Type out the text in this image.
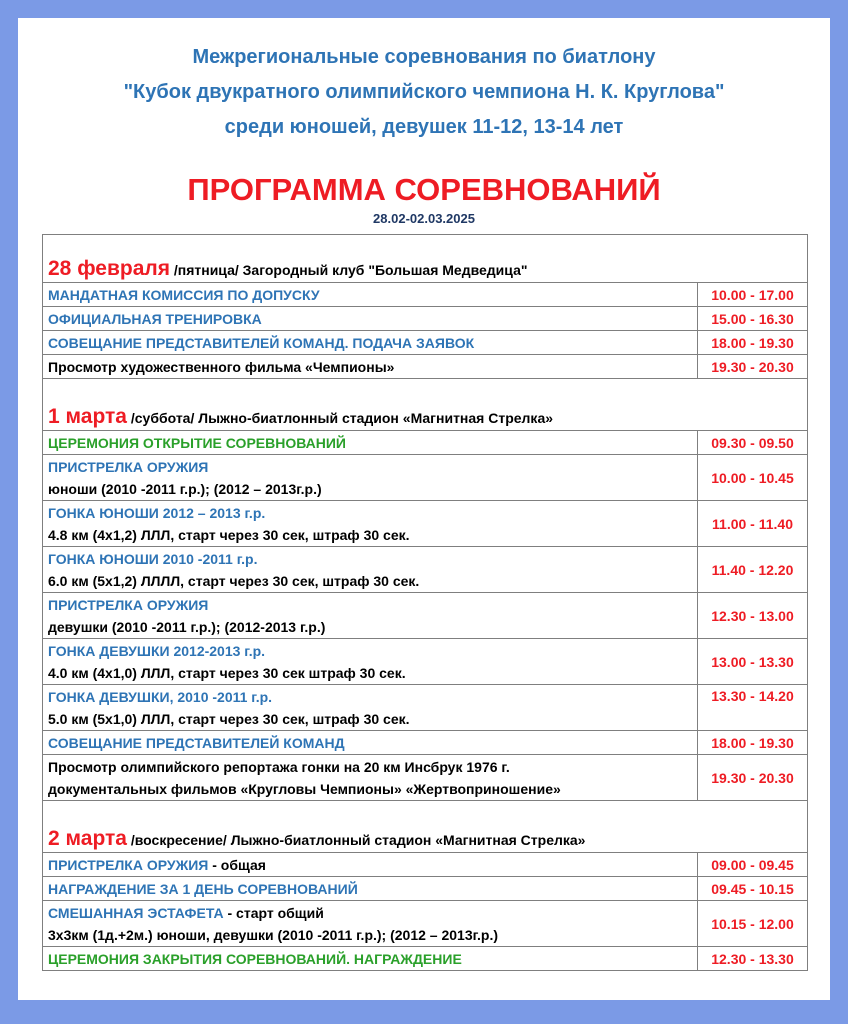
Межрегиональные соревнования по биатлону
"Кубок двукратного олимпийского чемпиона Н. К. Круглова"
среди юношей, девушек 11-12, 13-14 лет
ПРОГРАММА СОРЕВНОВАНИЙ
28.02-02.03.2025
28 февраля /пятница/ Загородный клуб "Большая Медведица"	

МАНДАТНАЯ КОМИССИЯ ПО ДОПУСКУ	10.00 - 17.00

ОФИЦИАЛЬНАЯ ТРЕНИРОВКА	15.00 - 16.30

СОВЕЩАНИЕ ПРЕДСТАВИТЕЛЕЙ КОМАНД. ПОДАЧА ЗАЯВОК	18.00 - 19.30

Просмотр художественного фильма «Чемпионы»	19.30 - 20.30
1 марта /суббота/ Лыжно-биатлонный стадион «Магнитная Стрелка»	

ЦЕРЕМОНИЯ ОТКРЫТИЕ СОРЕВНОВАНИЙ	09.30 - 09.50

ПРИСТРЕЛКА ОРУЖИЯ
юноши (2010 -2011 г.р.); (2012 – 2013г.р.)	10.00 - 10.45

ГОНКА ЮНОШИ 2012 – 2013 г.р.
4.8 км (4х1,2) ЛЛЛ, старт через 30 сек, штраф 30 сек.	11.00 - 11.40

ГОНКА ЮНОШИ 2010 -2011 г.р.
6.0 км (5х1,2) ЛЛЛЛ, старт через 30 сек, штраф 30 сек.	11.40 - 12.20

ПРИСТРЕЛКА ОРУЖИЯ
девушки (2010 -2011 г.р.); (2012-2013 г.р.)	12.30 - 13.00

ГОНКА ДЕВУШКИ 2012-2013 г.р.
4.0 км (4х1,0) ЛЛЛ, старт через 30 сек штраф 30 сек.	13.00 - 13.30

ГОНКА ДЕВУШКИ, 2010 -2011 г.р.
5.0 км (5х1,0) ЛЛЛ, старт через 30 сек, штраф 30 сек.	13.30 - 14.20

СОВЕЩАНИЕ ПРЕДСТАВИТЕЛЕЙ КОМАНД	18.00 - 19.30

Просмотр олимпийского репортажа гонки на 20 км Инсбрук 1976 г.
документальных фильмов «Кругловы Чемпионы» «Жертвоприношение»	19.30 - 20.30
2 марта /воскресение/ Лыжно-биатлонный стадион «Магнитная Стрелка»	

ПРИСТРЕЛКА ОРУЖИЯ - общая	09.00 - 09.45

НАГРАЖДЕНИЕ ЗА 1 ДЕНЬ СОРЕВНОВАНИЙ	09.45 - 10.15

СМЕШАННАЯ ЭСТАФЕТА - старт общий
3х3км (1д.+2м.) юноши, девушки (2010 -2011 г.р.); (2012 – 2013г.р.)	10.15 - 12.00

ЦЕРЕМОНИЯ ЗАКРЫТИЯ СОРЕВНОВАНИЙ. НАГРАЖДЕНИЕ	12.30 - 13.30
